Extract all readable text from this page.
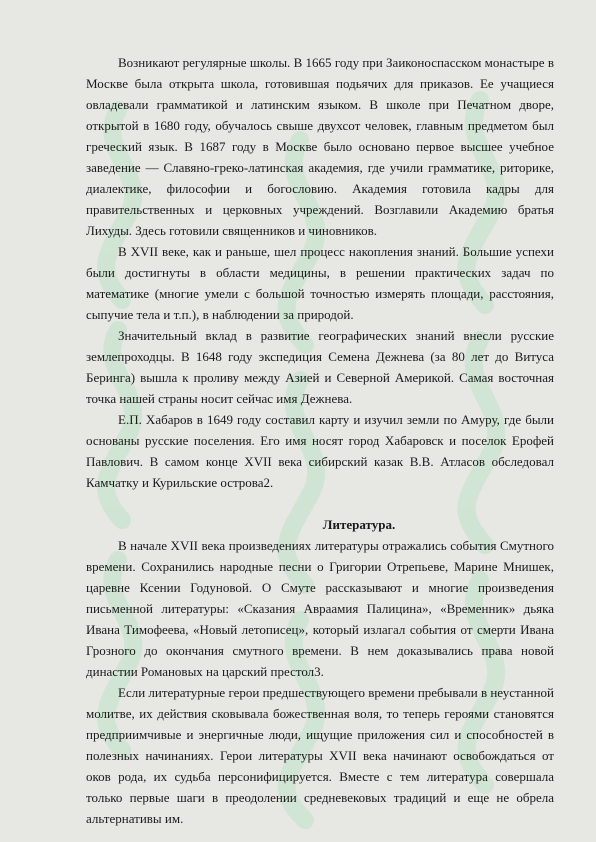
Возникают регулярные школы. В 1665 году при Заиконоспасском монастыре в Москве была открыта школа, готовившая подьячих для приказов. Ее учащиеся овладевали грамматикой и латинским языком. В школе при Печатном дворе, открытой в 1680 году, обучалось свыше двухсот человек, главным предметом был греческий язык. В 1687 году в Москве было основано первое высшее учебное заведение — Славяно-греко-латинская академия, где учили грамматике, риторике, диалектике, философии и богословию. Академия готовила кадры для правительственных и церковных учреждений. Возглавили Академию братья Лихуды. Здесь готовили священников и чиновников.

В XVII веке, как и раньше, шел процесс накопления знаний. Большие успехи были достигнуты в области медицины, в решении практических задач по математике (многие умели с большой точностью измерять площади, расстояния, сыпучие тела и т.п.), в наблюдении за природой.

Значительный вклад в развитие географических знаний внесли русские землепроходцы. В 1648 году экспедиция Семена Дежнева (за 80 лет до Витуса Беринга) вышла к проливу между Азией и Северной Америкой. Самая восточная точка нашей страны носит сейчас имя Дежнева.

Е.П. Хабаров в 1649 году составил карту и изучил земли по Амуру, где были основаны русские поселения. Его имя носят город Хабаровск и поселок Ерофей Павлович. В самом конце XVII века сибирский казак В.В. Атласов обследовал Камчатку и Курильские острова2.

Литература.

В начале XVII века произведениях литературы отражались события Смутного времени. Сохранились народные песни о Григории Отрепьеве, Марине Мнишек, царевне Ксении Годуновой. О Смуте рассказывают и многие произведения письменной литературы: «Сказания Авраамия Палицина», «Временник» дьяка Ивана Тимофеева, «Новый летописец», который излагал события от смерти Ивана Грозного до окончания смутного времени. В нем доказывались права новой династии Романовых на царский престол3.

Если литературные герои предшествующего времени пребывали в неустанной молитве, их действия сковывала божественная воля, то теперь героями становятся предприимчивые и энергичные люди, ищущие приложения сил и способностей в полезных начинаниях. Герои литературы XVII века начинают освобождаться от оков рода, их судьба персонифицируется. Вместе с тем литература совершала только первые шаги в преодолении средневековых традиций и еще не обрела альтернативы им.
